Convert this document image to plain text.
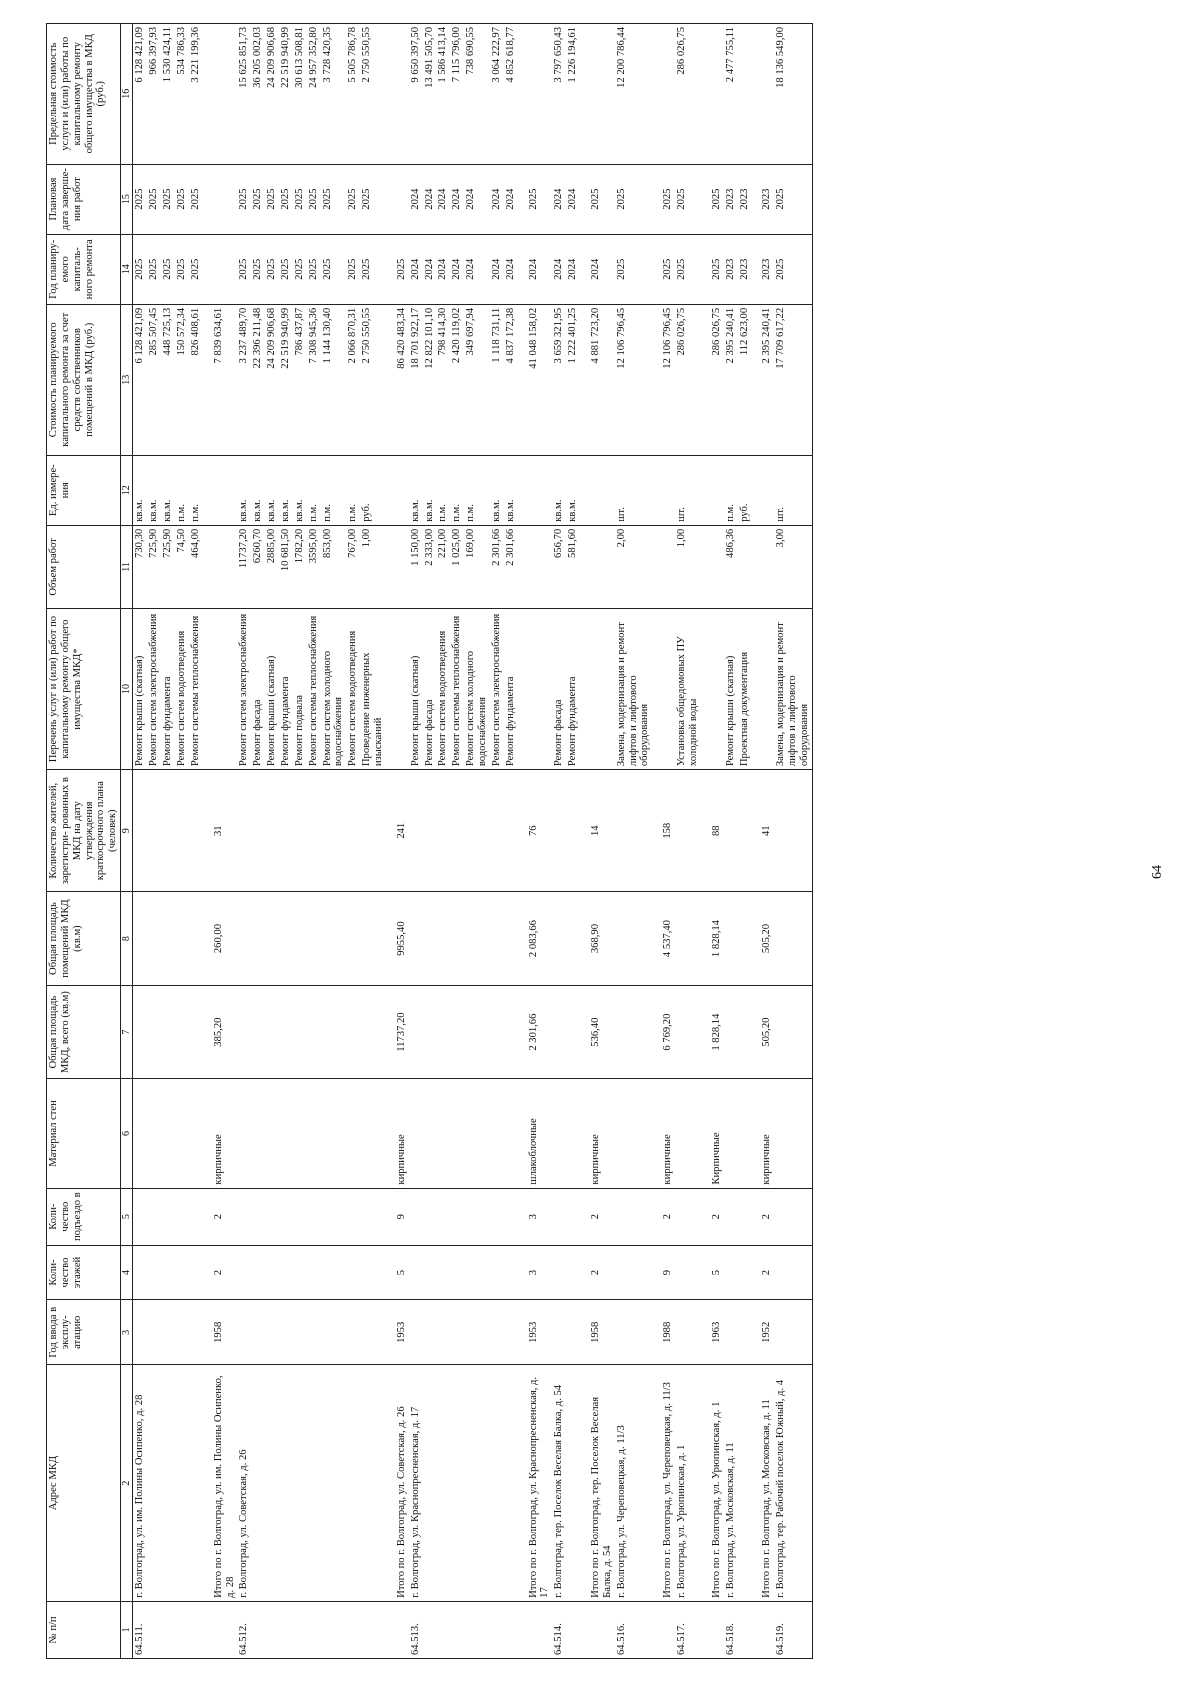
64
№ п/п	Адрес МКД	Год ввода в эксплу- атацию	Коли- чество этажей	Коли- чество подъездо в	Материал стен	Общая площадь МКД, всего (кв.м)	Общая площадь помещений МКД (кв.м)	Количество жителей, зарегистри- рованных в МКД на дату утверждения краткосрочного плана (человек)	Перечень услуг и (или) работ по капитальному ремонту общего имущества МКД*	Объем работ	Ед. измере- ния	Стоимость планируемого капитального ремонта за счет средств собственников помещений в МКД (руб.)	Год планиру- емого капиталь- ного ремонта	Плановая дата заверше- ния работ	Предельная стоимость услуги и (или) работы по капитальному ремонту общего имущества в МКД (руб.)
1	2	3	4	5	6	7	8	9	10	11	12	13	14	15	16
64.511.	г. Волгоград, ул. им. Полины Осипенко, д. 28								Ремонт крыши (скатная)	730,30	кв.м.	6 128 421,09	2025	2025	6 128 421,09
									Ремонт систем электроснабжения	725,90	кв.м.	285 507,45	2025	2025	966 397,93
									Ремонт фундамента	725,90	кв.м.	448 725,13	2025	2025	1 530 424,11
									Ремонт систем водоотведения	74,50	п.м.	150 572,34	2025	2025	534 786,33
									Ремонт системы теплоснабжения	464,00	п.м.	826 408,61	2025	2025	3 221 199,36
	Итого по г. Волгоград, ул. им. Полины Осипенко, д. 28	1958	2	2	кирпичные	385,20	260,00	31				7 839 634,61			
64.512.	г. Волгоград, ул. Советская, д. 26								Ремонт систем электроснабжения	11737,20	кв.м.	3 237 489,70	2025	2025	15 625 851,73
									Ремонт фасада	6260,70	кв.м.	22 396 211,48	2025	2025	36 205 002,03
									Ремонт крыши (скатная)	2885,00	кв.м.	24 209 906,68	2025	2025	24 209 906,68
									Ремонт фундамента	10 681,50	кв.м.	22 519 940,99	2025	2025	22 519 940,99
									Ремонт подвала	1782,20	кв.м.	786 437,87	2025	2025	30 613 508,81
									Ремонт системы теплоснабжения	3595,00	п.м.	7 308 945,36	2025	2025	24 957 352,80
									Ремонт систем холодного водоснабжения	853,00	п.м.	1 144 130,40	2025	2025	3 728 420,35
									Ремонт систем водоотведения	767,00	п.м.	2 066 870,31	2025	2025	5 505 786,78
									Проведение инженерных изысканий	1,00	руб.	2 750 550,55	2025	2025	2 750 550,55
	Итого по г. Волгоград, ул. Советская, д. 26	1953	5	9	кирпичные	11737,20	9955,40	241				86 420 483,34	2025		
64.513.	г. Волгоград, ул. Краснопресненская, д. 17								Ремонт крыши (скатная)	1 150,00	кв.м.	18 701 922,17	2024	2024	9 650 397,50
									Ремонт фасада	2 333,00	кв.м.	12 822 101,10	2024	2024	13 491 505,70
									Ремонт систем водоотведения	221,00	п.м.	798 414,30	2024	2024	1 586 413,14
									Ремонт системы теплоснабжения	1 025,00	п.м.	2 420 119,02	2024	2024	7 115 796,00
									Ремонт систем холодного водоснабжения	169,00	п.м.	349 697,94	2024	2024	738 690,55
									Ремонт систем электроснабжения	2 301,66	кв.м.	1 118 731,11	2024	2024	3 064 222,97
									Ремонт фундамента	2 301,66	кв.м.	4 837 172,38	2024	2024	4 852 618,77
	Итого по г. Волгоград, ул. Краснопресненская, д. 17	1953	3	3	шлакоблочные	2 301,66	2 083,66	76				41 048 158,02	2024	2025	
64.514.	г. Волгоград, тер. Поселок Веселая Балка, д. 54								Ремонт фасада	656,70	кв.м.	3 659 321,95	2024	2024	3 797 650,43
									Ремонт фундамента	581,60	кв.м.	1 222 401,25	2024	2024	1 226 194,61
	Итого по г. Волгоград, тер. Поселок Веселая Балка, д. 54	1958	2	2	кирпичные	536,40	368,90	14				4 881 723,20	2024	2025	
64.516.	г. Волгоград, ул. Череповецкая, д. 11/3								Замена, модернизация и ремонт лифтов и лифтового оборудования	2,00	шт.	12 106 796,45	2025	2025	12 200 786,44
	Итого по г. Волгоград, ул. Череповецкая, д. 11/3	1988	9	2	кирпичные	6 769,20	4 537,40	158				12 106 796,45	2025	2025	
64.517.	г. Волгоград, ул. Урюпинская, д. 1								Установка общедомовых ПУ холодной воды	1,00	шт.	286 026,75	2025	2025	286 026,75
	Итого по г. Волгоград, ул. Урюпинская, д. 1	1963	5	2	Кирпичные	1 828,14	1 828,14	88				286 026,75	2025	2025	
64.518.	г. Волгоград, ул. Московская, д. 11								Ремонт крыши (скатная)	486,36	п.м.	2 395 240,41	2023	2023	2 477 755,11
									Проектная документация		руб.	112 623,00	2023	2023	
	Итого по г. Волгоград, ул. Московская, д. 11	1952	2	2	кирпичные	505,20	505,20	41				2 395 240,41	2023	2023	
64.519.	г. Волгоград, тер. Рабочий поселок Южный, д. 4								Замена, модернизация и ремонт лифтов и лифтового оборудования	3,00	шт.	17 709 617,22	2025	2025	18 136 549,00
